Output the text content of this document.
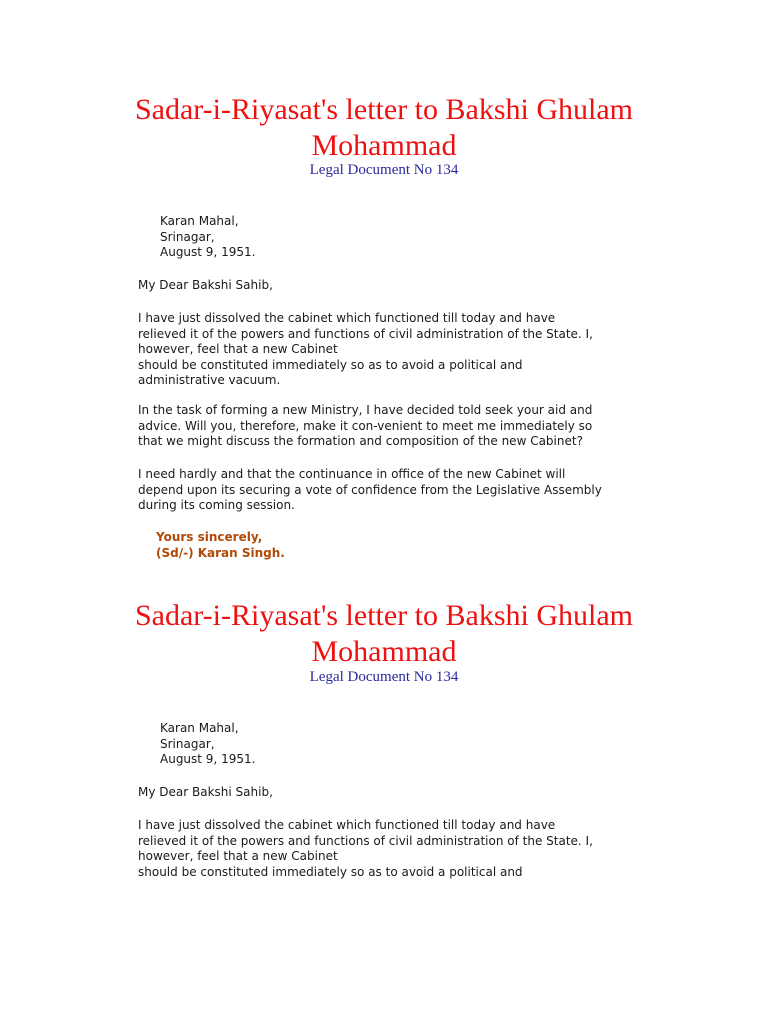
Sadar-i-Riyasat's letter to Bakshi Ghulam
Mohammad
Legal Document No 134
Karan Mahal,
Srinagar,
August 9, 1951.
My Dear Bakshi Sahib,
I have just dissolved the cabinet which functioned till today and have
relieved it of the powers and functions of civil administration of the State. I,
however, feel that a new Cabinet
should be constituted immediately so as to avoid a political and
administrative vacuum.
In the task of forming a new Ministry, I have decided told seek your aid and
advice. Will you, therefore, make it con-venient to meet me immediately so
that we might discuss the formation and composition of the new Cabinet?
I need hardly and that the continuance in office of the new Cabinet will
depend upon its securing a vote of confidence from the Legislative Assembly
during its coming session.
Yours sincerely,
(Sd/-) Karan Singh.
Sadar-i-Riyasat's letter to Bakshi Ghulam
Mohammad
Legal Document No 134
Karan Mahal,
Srinagar,
August 9, 1951.
My Dear Bakshi Sahib,
I have just dissolved the cabinet which functioned till today and have
relieved it of the powers and functions of civil administration of the State. I,
however, feel that a new Cabinet
should be constituted immediately so as to avoid a political and
